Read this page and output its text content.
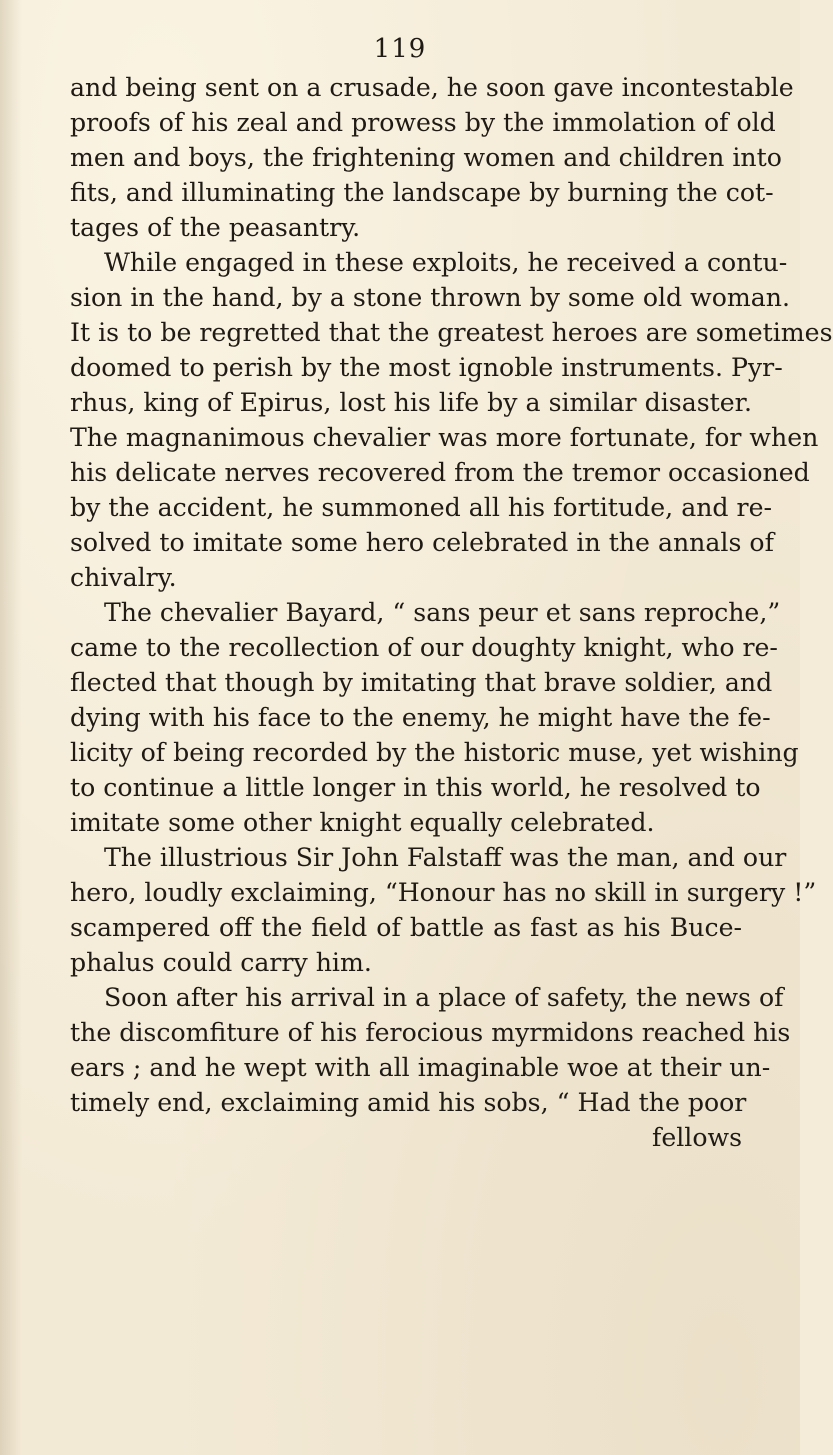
119
and being sent on a crusade, he soon gave incontestable
proofs of his zeal and prowess by the immolation of old
men and boys, the frightening women and children into
fits, and illuminating the landscape by burning the cot-
tages of the peasantry.
While engaged in these exploits, he received a contu-
sion in the hand, by a stone thrown by some old woman.
It is to be regretted that the greatest heroes are sometimes
doomed to perish by the most ignoble instruments. Pyr-
rhus, king of Epirus, lost his life by a similar disaster.
The magnanimous chevalier was more fortunate, for when
his delicate nerves recovered from the tremor occasioned
by the accident, he summoned all his fortitude, and re-
solved to imitate some hero celebrated in the annals of
chivalry.
The chevalier Bayard, “ sans peur et sans reproche,”
came to the recollection of our doughty knight, who re-
flected that though by imitating that brave soldier, and
dying with his face to the enemy, he might have the fe-
licity of being recorded by the historic muse, yet wishing
to continue a little longer in this world, he resolved to
imitate some other knight equally celebrated.
The illustrious Sir John Falstaff was the man, and our
hero, loudly exclaiming, “Honour has no skill in surgery !”
scampered off the field of battle as fast as his Buce-
phalus could carry him.
Soon after his arrival in a place of safety, the news of
the discomfiture of his ferocious myrmidons reached his
ears ; and he wept with all imaginable woe at their un-
timely end, exclaiming amid his sobs, “ Had the poor
fellows
